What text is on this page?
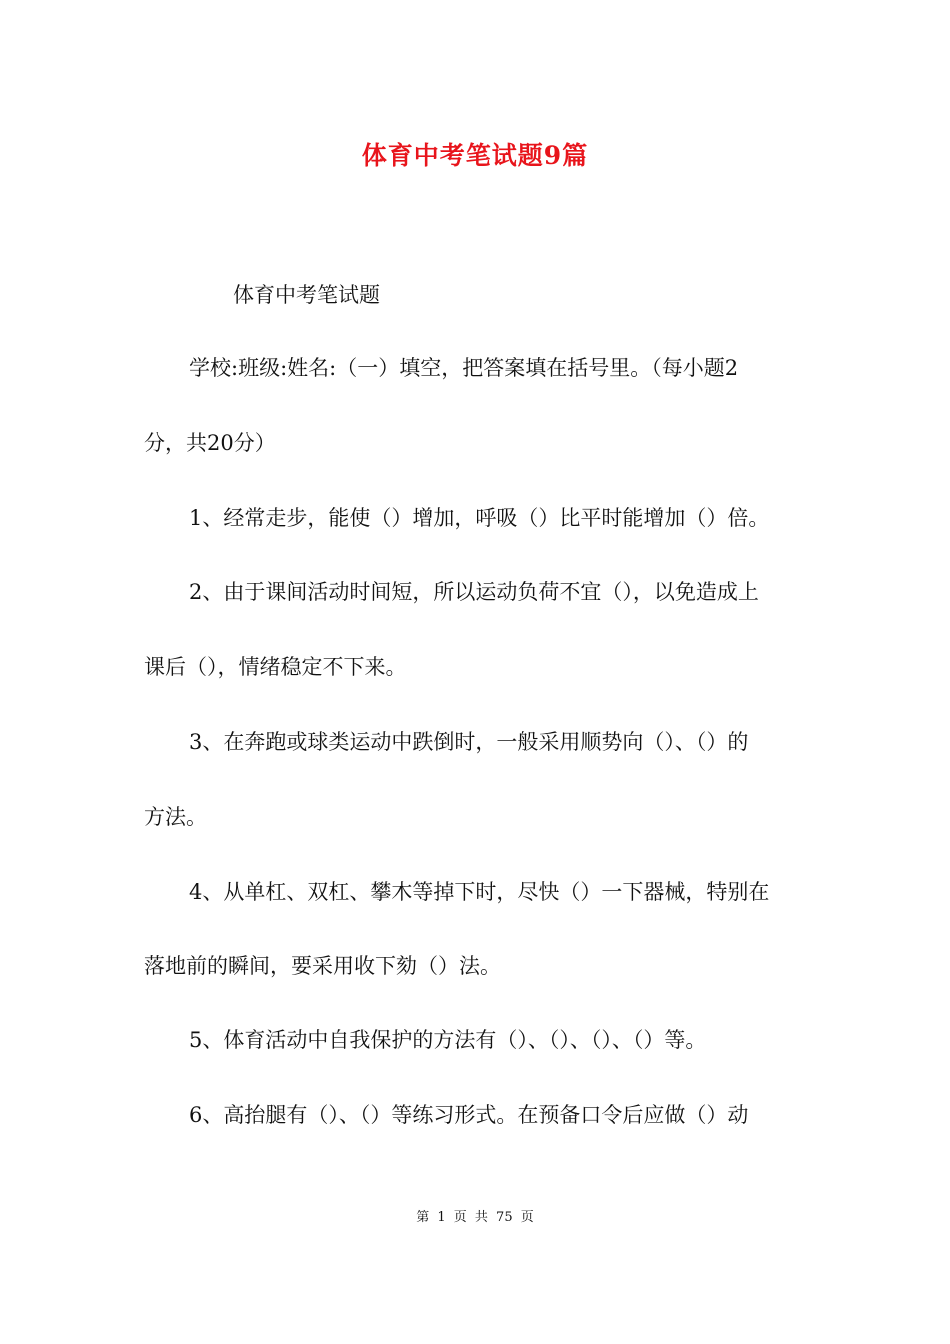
体育中考笔试题9篇
体育中考笔试题
学校:班级:姓名:（一）填空，把答案填在括号里。（每小题2
分，共20分）
1、经常走步，能使（）增加，呼吸（）比平时能增加（）倍。
2、由于课间活动时间短，所以运动负荷不宜（），以免造成上
课后（），情绪稳定不下来。
3、在奔跑或球类运动中跌倒时，一般采用顺势向（）、（）的
方法。
4、从单杠、双杠、攀木等掉下时，尽快（）一下器械，特别在
落地前的瞬间，要采用收下劾（）法。
5、体育活动中自我保护的方法有（）、（）、（）、（）等。
6、高抬腿有（）、（）等练习形式。在预备口令后应做（）动
第 1 页 共 75 页
